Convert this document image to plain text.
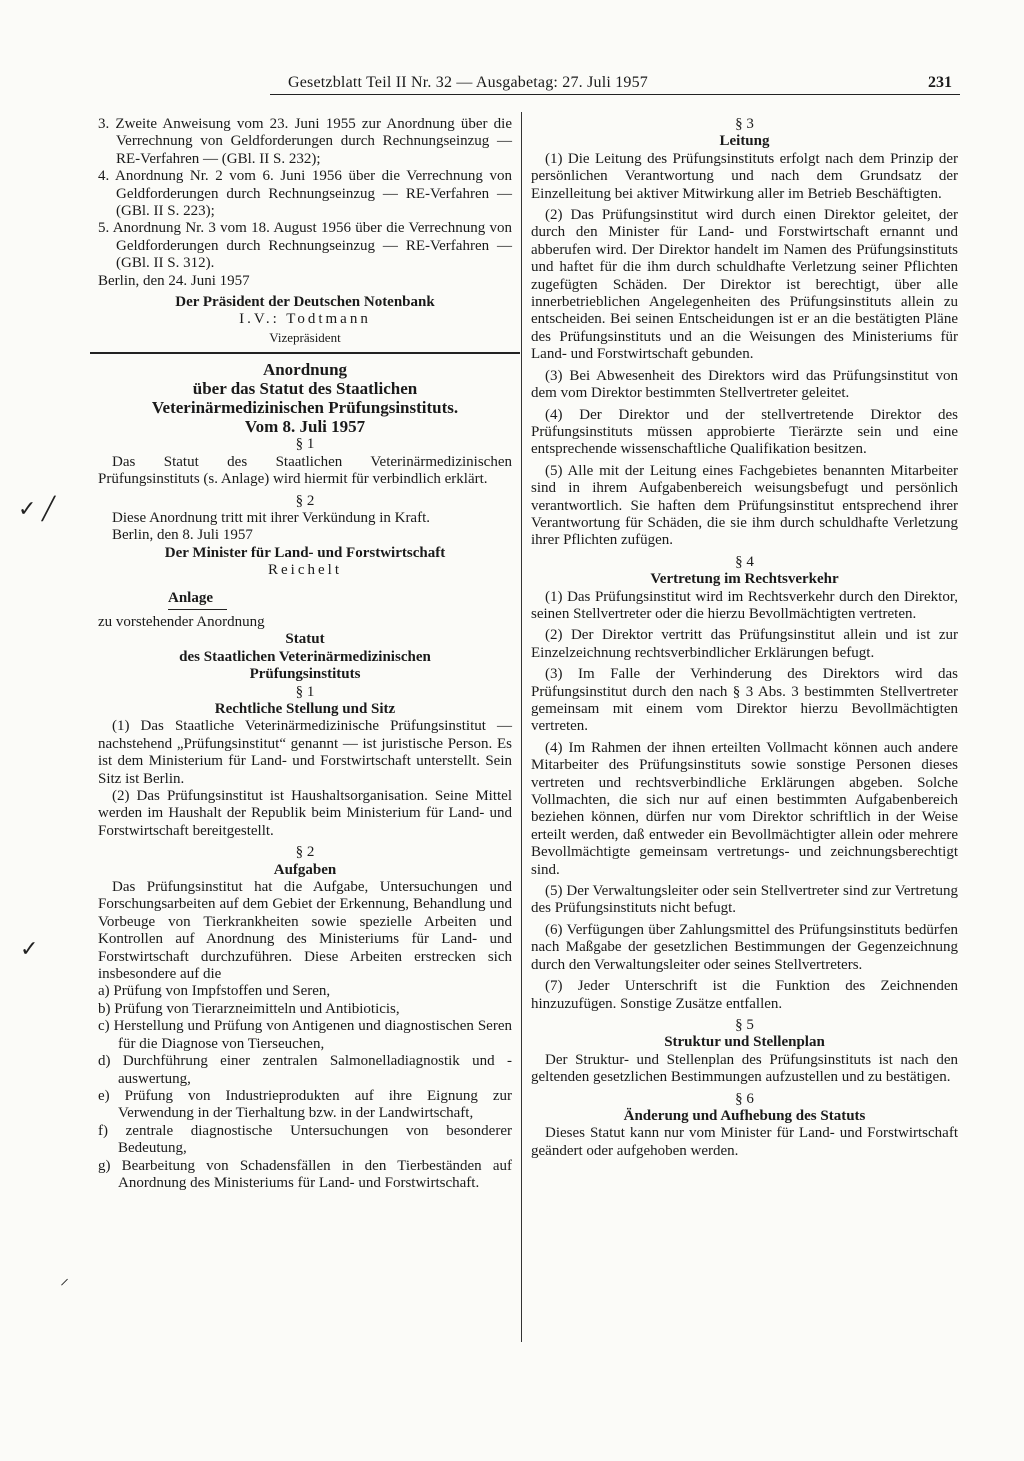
Gesetzblatt Teil II Nr. 32 — Ausgabetag: 27. Juli 1957	231
✓ ╱
✓
⸝

3. Zweite Anweisung vom 23. Juni 1955 zur Anordnung über die Verrechnung von Geldforderungen durch Rechnungseinzug — RE-Verfahren — (GBl. II S. 232);

4. Anordnung Nr. 2 vom 6. Juni 1956 über die Verrechnung von Geldforderungen durch Rechnungseinzug — RE-Verfahren — (GBl. II S. 223);

5. Anordnung Nr. 3 vom 18. August 1956 über die Verrechnung von Geldforderungen durch Rechnungseinzug — RE-Verfahren — (GBl. II S. 312).

Berlin, den 24. Juni 1957

Der Präsident der Deutschen Notenbank

I.V.: Todtmann

Vizepräsident

Anordnung

über das Statut des Staatlichen

Veterinärmedizinischen Prüfungsinstituts.

Vom 8. Juli 1957

§ 1

Das Statut des Staatlichen Veterinärmedizinischen Prüfungsinstituts (s. Anlage) wird hiermit für verbindlich erklärt.

§ 2

Diese Anordnung tritt mit ihrer Verkündung in Kraft.

Berlin, den 8. Juli 1957

Der Minister für Land- und Forstwirtschaft

Reichelt

Anlage

zu vorstehender Anordnung

Statut

des Staatlichen Veterinärmedizinischen

Prüfungsinstituts

§ 1

Rechtliche Stellung und Sitz

(1) Das Staatliche Veterinärmedizinische Prüfungsinstitut — nachstehend „Prüfungsinstitut“ genannt — ist juristische Person. Es ist dem Ministerium für Land- und Forstwirtschaft unterstellt. Sein Sitz ist Berlin.

(2) Das Prüfungsinstitut ist Haushaltsorganisation. Seine Mittel werden im Haushalt der Republik beim Ministerium für Land- und Forstwirtschaft bereitgestellt.

§ 2

Aufgaben

Das Prüfungsinstitut hat die Aufgabe, Untersuchungen und Forschungsarbeiten auf dem Gebiet der Erkennung, Behandlung und Vorbeuge von Tierkrankheiten sowie spezielle Arbeiten und Kontrollen auf Anordnung des Ministeriums für Land- und Forstwirtschaft durchzuführen. Diese Arbeiten erstrecken sich insbesondere auf die

a) Prüfung von Impfstoffen und Seren,

b) Prüfung von Tierarzneimitteln und Antibioticis,

c) Herstellung und Prüfung von Antigenen und diagnostischen Seren für die Diagnose von Tierseuchen,

d) Durchführung einer zentralen Salmonelladiagnostik und -auswertung,

e) Prüfung von Industrieprodukten auf ihre Eignung zur Verwendung in der Tierhaltung bzw. in der Landwirtschaft,

f) zentrale diagnostische Untersuchungen von besonderer Bedeutung,

g) Bearbeitung von Schadensfällen in den Tierbeständen auf Anordnung des Ministeriums für Land- und Forstwirtschaft.

§ 3

Leitung

(1) Die Leitung des Prüfungsinstituts erfolgt nach dem Prinzip der persönlichen Verantwortung und nach dem Grundsatz der Einzelleitung bei aktiver Mitwirkung aller im Betrieb Beschäftigten.

(2) Das Prüfungsinstitut wird durch einen Direktor geleitet, der durch den Minister für Land- und Forstwirtschaft ernannt und abberufen wird. Der Direktor handelt im Namen des Prüfungsinstituts und haftet für die ihm durch schuldhafte Verletzung seiner Pflichten zugefügten Schäden. Der Direktor ist berechtigt, über alle innerbetrieblichen Angelegenheiten des Prüfungsinstituts allein zu entscheiden. Bei seinen Entscheidungen ist er an die bestätigten Pläne des Prüfungsinstituts und an die Weisungen des Ministeriums für Land- und Forstwirtschaft gebunden.

(3) Bei Abwesenheit des Direktors wird das Prüfungsinstitut von dem vom Direktor bestimmten Stellvertreter geleitet.

(4) Der Direktor und der stellvertretende Direktor des Prüfungsinstituts müssen approbierte Tierärzte sein und eine entsprechende wissenschaftliche Qualifikation besitzen.

(5) Alle mit der Leitung eines Fachgebietes benannten Mitarbeiter sind in ihrem Aufgabenbereich weisungsbefugt und persönlich verantwortlich. Sie haften dem Prüfungsinstitut entsprechend ihrer Verantwortung für Schäden, die sie ihm durch schuldhafte Verletzung ihrer Pflichten zufügen.

§ 4

Vertretung im Rechtsverkehr

(1) Das Prüfungsinstitut wird im Rechtsverkehr durch den Direktor, seinen Stellvertreter oder die hierzu Bevollmächtigten vertreten.

(2) Der Direktor vertritt das Prüfungsinstitut allein und ist zur Einzelzeichnung rechtsverbindlicher Erklärungen befugt.

(3) Im Falle der Verhinderung des Direktors wird das Prüfungsinstitut durch den nach § 3 Abs. 3 bestimmten Stellvertreter gemeinsam mit einem vom Direktor hierzu Bevollmächtigten vertreten.

(4) Im Rahmen der ihnen erteilten Vollmacht können auch andere Mitarbeiter des Prüfungsinstituts sowie sonstige Personen dieses vertreten und rechtsverbindliche Erklärungen abgeben. Solche Vollmachten, die sich nur auf einen bestimmten Aufgabenbereich beziehen können, dürfen nur vom Direktor schriftlich in der Weise erteilt werden, daß entweder ein Bevollmächtigter allein oder mehrere Bevollmächtigte gemeinsam vertretungs- und zeichnungsberechtigt sind.

(5) Der Verwaltungsleiter oder sein Stellvertreter sind zur Vertretung des Prüfungsinstituts nicht befugt.

(6) Verfügungen über Zahlungsmittel des Prüfungsinstituts bedürfen nach Maßgabe der gesetzlichen Bestimmungen der Gegenzeichnung durch den Verwaltungsleiter oder seines Stellvertreters.

(7) Jeder Unterschrift ist die Funktion des Zeichnenden hinzuzufügen. Sonstige Zusätze entfallen.

§ 5

Struktur und Stellenplan

Der Struktur- und Stellenplan des Prüfungsinstituts ist nach den geltenden gesetzlichen Bestimmungen aufzustellen und zu bestätigen.

§ 6

Änderung und Aufhebung des Statuts

Dieses Statut kann nur vom Minister für Land- und Forstwirtschaft geändert oder aufgehoben werden.
